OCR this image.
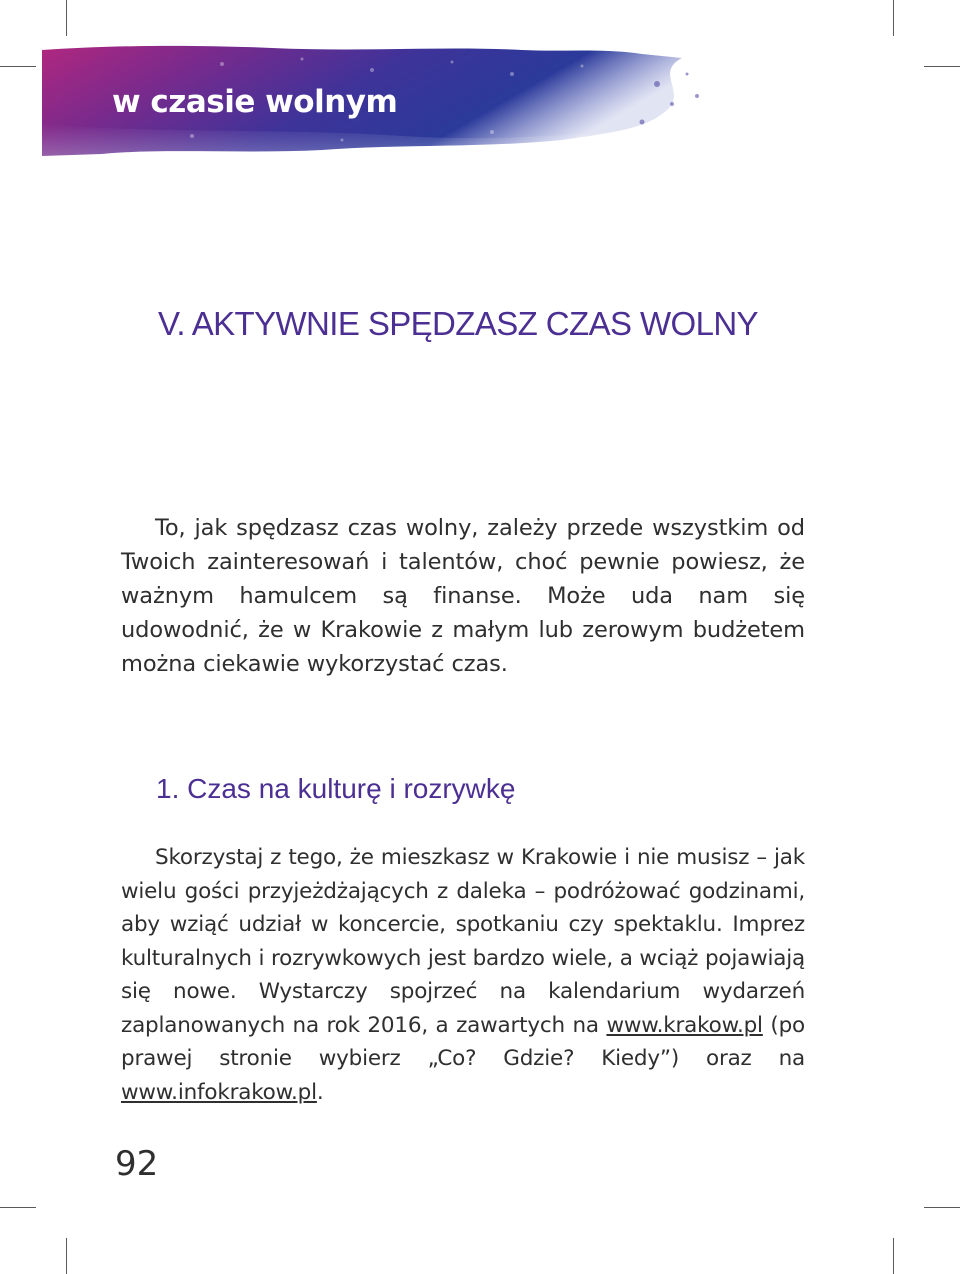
w czasie wolnym
V. AKTYWNIE SPĘDZASZ CZAS WOLNY

To, jak spędzasz czas wolny, zależy przede wszystkim od Twoich zainteresowań i talentów, choć pewnie powiesz, że ważnym hamulcem są finanse. Może uda nam się udowodnić, że w Krakowie z małym lub zerowym budżetem można ciekawie wykorzystać czas.

1. Czas na kulturę i rozrywkę

Skorzystaj z tego, że mieszkasz w Krakowie i nie musisz – jak wielu gości przyjeżdżających z daleka – podróżować godzinami, aby wziąć udział w koncercie, spotkaniu czy spektaklu. Imprez kulturalnych i rozrywkowych jest bardzo wiele, a wciąż pojawiają się nowe. Wystarczy spojrzeć na kalendarium wydarzeń zaplanowanych na rok 2016, a zawartych na www.krakow.pl (po prawej stronie wybierz „Co? Gdzie? Kiedy”) oraz na www.infokrakow.pl.

92
